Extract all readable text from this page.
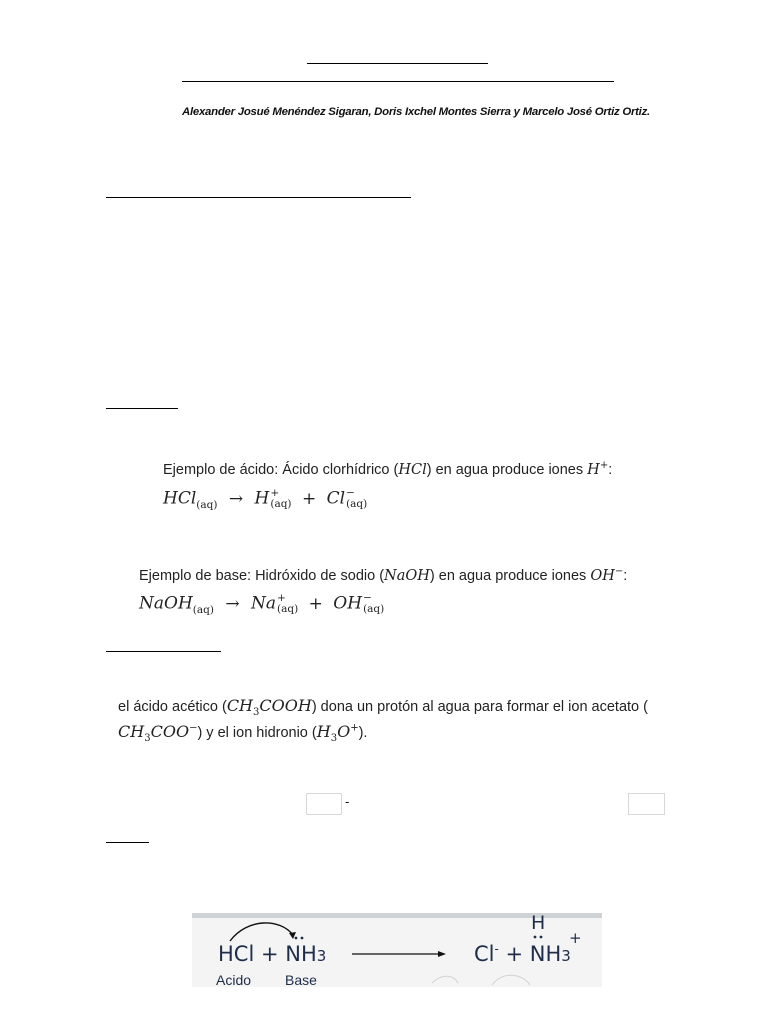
Alexander Josué Menéndez Sigaran, Doris Ixchel Montes Sierra y Marcelo José Ortiz Ortiz.
Ejemplo de ácido: Ácido clorhídrico (HCl) en agua produce iones H+:
HCl$_{(aq)}$ → H +
(aq) + Cl −
(aq)
Ejemplo de base: Hidróxido de sodio (NaOH) en agua produce iones OH−:
NaOH$_{(aq)}$ → Na +
(aq) + OH −
(aq)
el ácido acético $(CH_3COOH)$ dona un protón al agua para formar el ion acetato (
$CH_3COO^-$) y el ion hidronio $(H_3O^+)$.
-
HCl + NH3	Cl- + NH3
+
H
Acido Base
